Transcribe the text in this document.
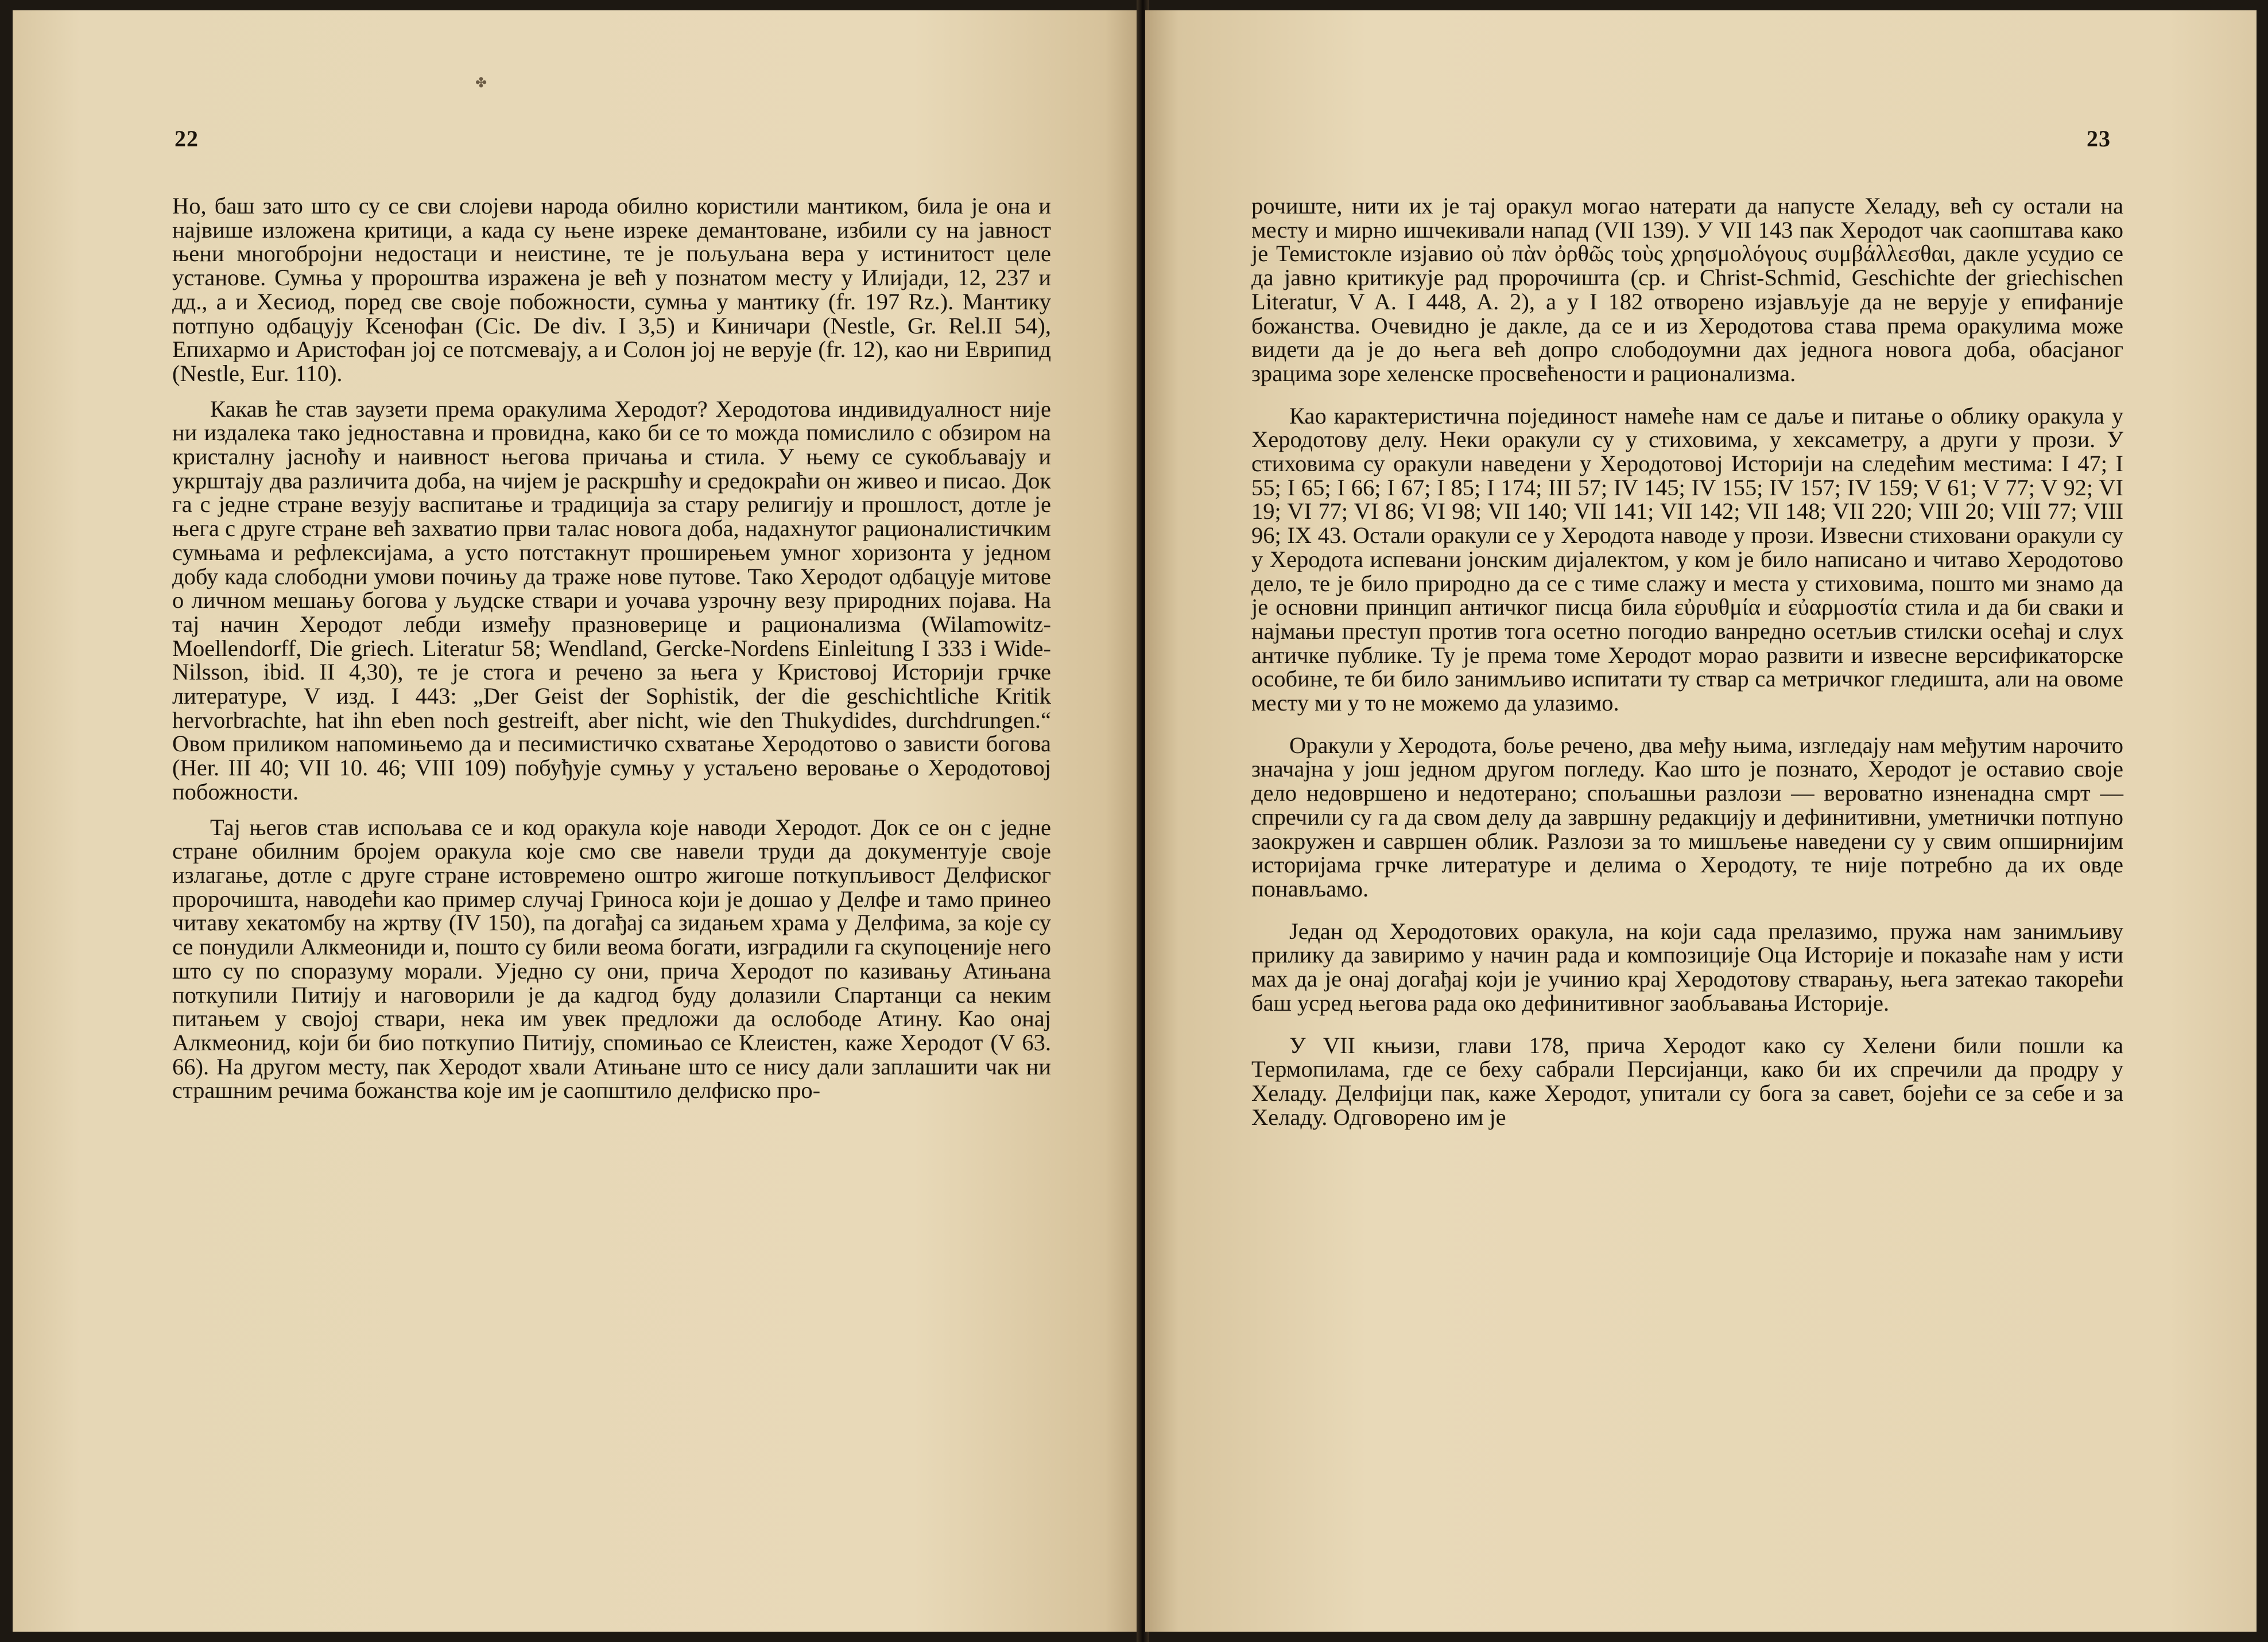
✤
22

Но, баш зато што су се сви слојеви народа обилно користили мантиком, била је она и највише изложена критици, а када су њене изреке демантоване, избили су на јавност њени многобројни недостаци и неистине, те је пољуљана вера у истинитост целе установе. Сумња у пророштва изражена је већ у познатом месту у Илијади, 12, 237 и дд., а и Хесиод, поред све своје побожности, сумња у мантику (fr. 197 Rz.). Мантику потпуно одбацују Ксенофан (Cic. De div. I 3,5) и Киничари (Nestle, Gr. Rel.II 54), Епихармо и Аристофан јој се потсмевају, а и Солон јој не верује (fr. 12), као ни Еврипид (Nestle, Eur. 110).

Какав ће став заузети према оракулима Херодот? Херодотова индивидуалност није ни издалека тако једноставна и провидна, како би се то можда помислило с обзиром на кристалну јасноћу и наивност његова причања и стила. У њему се сукобљавају и укрштају два различита доба, на чијем је раскршћу и средокраћи он живео и писао. Док га с једне стране везују васпитање и традиција за стару религију и прошлост, дотле је њега с друге стране већ захватио први талас новога доба, надахнутог рационалистичким сумњама и рефлексијама, а усто потстакнут проширењем умног хоризонта у једном добу када слободни умови почињу да траже нове путове. Тако Херодот одбацује митове о личном мешању богова у људске ствари и уочава узрочну везу природних појава. На тај начин Херодот лебди између празноверице и рационализма (Wilamowitz-Moellendorff, Die griech. Literatur 58; Wendland, Gercke-Nordens Einleitung I 333 i Wide-Nilsson, ibid. II 4,30), те је стога и речено за њега у Кристовој Историји грчке литературе, V изд. I 443: „Der Geist der Sophistik, der die geschichtliche Kritik hervorbrachte, hat ihn eben noch gestreift, aber nicht, wie den Thukydides, durchdrungen.“ Овом приликом напомињемо да и песимистичко схватање Херодотово о зависти богова (Her. III 40; VII 10. 46; VIII 109) побуђује сумњу у устаљено веровање о Херодотовој побожности.

Тај његов став испољава се и код оракула које наводи Херодот. Док се он с једне стране обилним бројем оракула које смо све навели труди да документује своје излагање, дотле с друге стране истовремено оштро жигоше поткупљивост Делфиског пророчишта, наводећи као пример случај Гриноса који је дошао у Делфе и тамо принео читаву хекатомбу на жртву (IV 150), па догађај са зидањем храма у Делфима, за које су се понудили Алкмеониди и, пошто су били веома богати, изградили га скупоценије него што су по споразуму морали. Уједно су они, прича Херодот по казивању Атињана поткупили Питију и наговорили је да кадгод буду долазили Спартанци са неким питањем у својој ствари, нека им увек предложи да ослободе Атину. Као онај Алкмеонид, који би био поткупио Питију, спомињао се Клеистен, каже Херодот (V 63. 66). На другом месту, пак Херодот хвали Атињане што се нису дали заплашити чак ни страшним речима божанства које им је саопштило делфиско про-

23

рочиште, нити их је тај оракул могао натерати да напусте Хеладу, већ су остали на месту и мирно ишчекивали напад (VII 139). У VII 143 пак Херодот чак саопштава како је Темистокле изјавио οὐ πὰν ὀρθῶς τοὺς χρησμολόγους συμβάλλεσθαι, дакле усудио се да јавно критикује рад пророчишта (ср. и Christ-Schmid, Geschichte der griechischen Literatur, V A. I 448, A. 2), а у I 182 отворено изјављује да не верује у епифаније божанства. Очевидно је дакле, да се и из Херодотова става према оракулима може видети да је до њега већ допро слободоумни дах једнога новога доба, обасјаног зрацима зоре хеленске просвећености и рационализма.

Као карактеристична појединост намеће нам се даље и питање о облику оракула у Херодотову делу. Неки оракули су у стиховима, у хексаметру, а други у прози. У стиховима су оракули наведени у Херодотовој Историји на следећим местима: I 47; I 55; I 65; I 66; I 67; I 85; I 174; III 57; IV 145; IV 155; IV 157; IV 159; V 61; V 77; V 92; VI 19; VI 77; VI 86; VI 98; VII 140; VII 141; VII 142; VII 148; VII 220; VIII 20; VIII 77; VIII 96; IX 43. Остали оракули се у Херодота наводе у прози. Извесни стиховани оракули су у Херодота испевани јонским дијалектом, у ком је било написано и читаво Херодотово дело, те је било природно да се с тиме слажу и места у стиховима, пошто ми знамо да је основни принцип античког писца била εὐρυθμία и εὐαρμοστία стила и да би сваки и најмањи преступ против тога осетно погодио ванредно осетљив стилски осећај и слух античке публике. Ту је према томе Херодот морао развити и извесне версификаторске особине, те би било занимљиво испитати ту ствар са метричког гледишта, али на овоме месту ми у то не можемо да улазимо.

Оракули у Херодота, боље речено, два међу њима, изгледају нам међутим нарочито значајна у још једном другом погледу. Као што је познато, Херодот је оставио своје дело недовршено и недотерано; спољашњи разлози — вероватно изненадна смрт — спречили су га да свом делу да завршну редакцију и дефинитивни, уметнички потпуно заокружен и савршен облик. Разлози за то мишљење наведени су у свим опширнијим историјама грчке литературе и делима о Херодоту, те није потребно да их овде понављамо.

Један од Херодотових оракула, на који сада прелазимо, пружа нам занимљиву прилику да завиримо у начин рада и композиције Оца Историје и показаће нам у исти мах да је онај догађај који је учинио крај Херодотову стварању, њега затекао такорећи баш усред његова рада око дефинитивног заобљавања Историје.

У VII књизи, глави 178, прича Херодот како су Хелени били пошли ка Термопилама, где се беху сабрали Персијанци, како би их спречили да продру у Хеладу. Делфијци пак, каже Херодот, упитали су бога за савет, бојећи се за себе и за Хеладу. Одговорено им је
